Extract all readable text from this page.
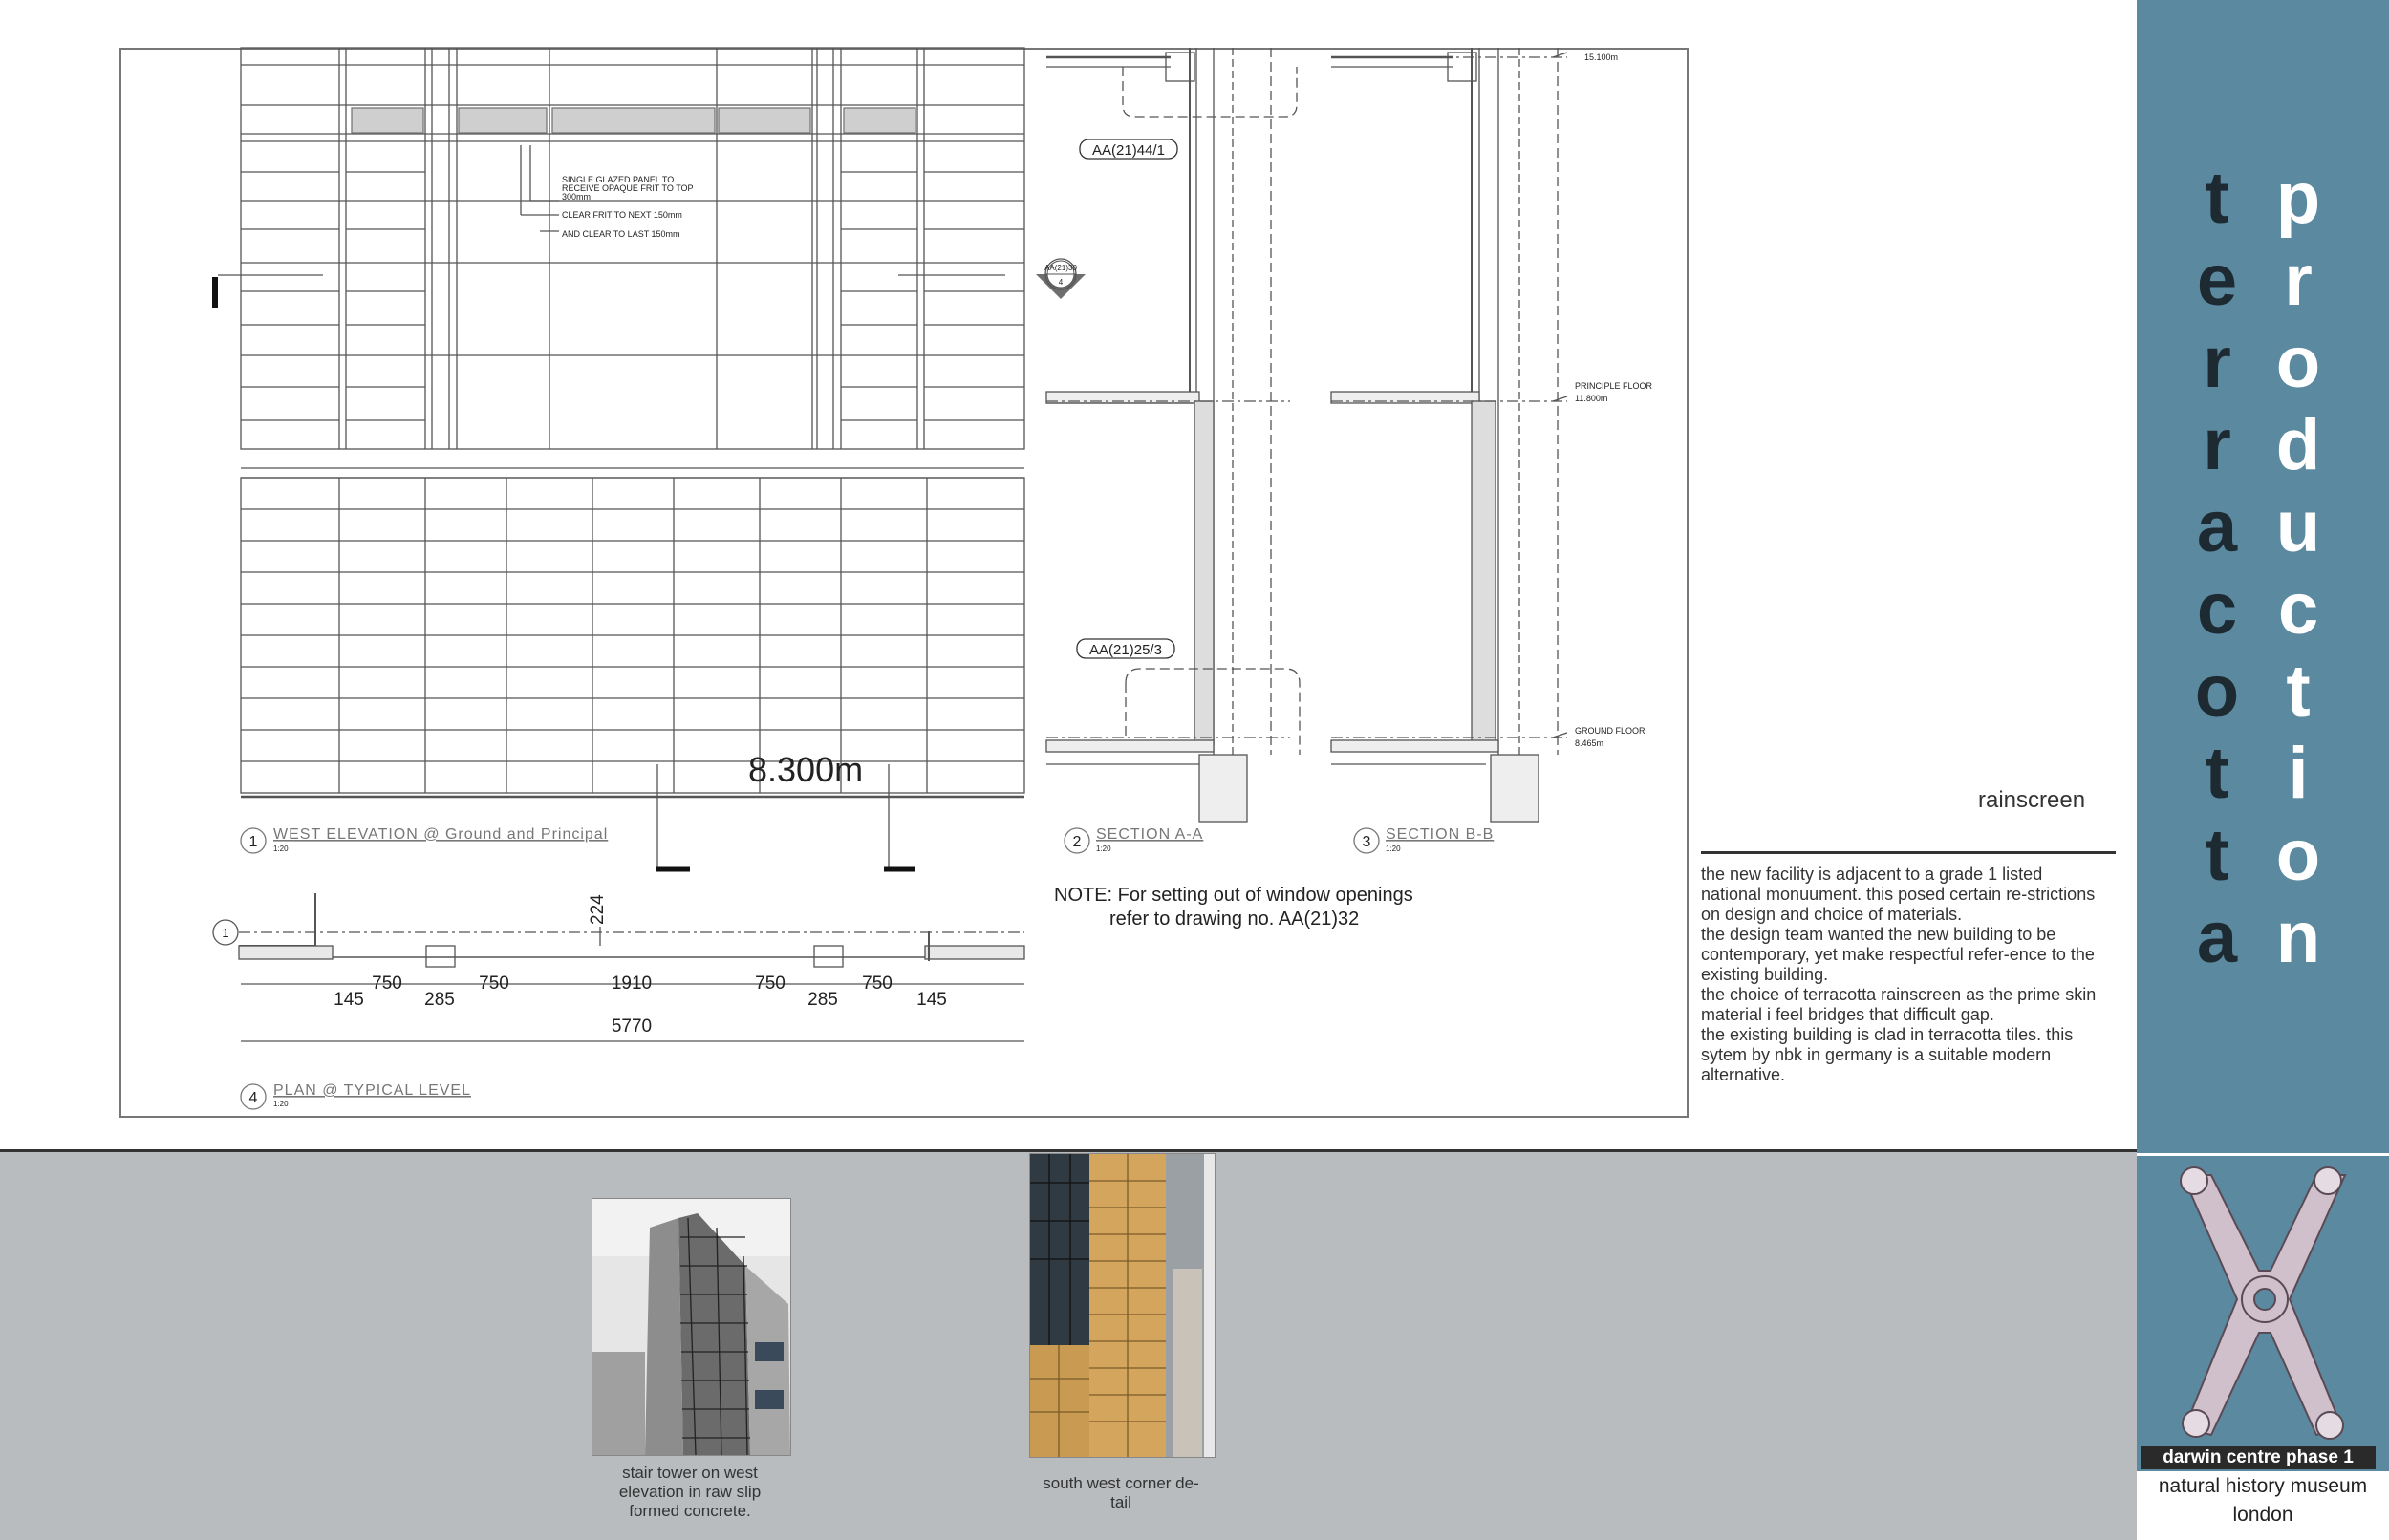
SINGLE GLAZED PANEL TO
RECEIVE OPAQUE FRIT TO TOP
300mm
CLEAR FRIT TO NEXT 150mm
AND CLEAR TO LAST 150mm
8.300m
AA(21)30
4
1 WEST ELEVATION @ Ground and Principal
1:20
AA(21)44/1
AA(21)25/3
2 SECTION A-A
1:20
15.100m
PRINCIPLE FLOOR
11.800m
GROUND FLOOR
8.465m
3 SECTION B-B
1:20
NOTE: For setting out of window openings
refer to drawing no. AA(21)32
1
224
750	750	1910	750	750
145	285	285	145
5770
4 PLAN @ TYPICAL LEVEL
1:20
rainscreen

the new facility is adjacent to a grade 1 listed national monuument. this posed certain re-strictions on design and choice of materials.

the design team wanted the new building to be contemporary, yet make respectful refer-ence to the existing building.

the choice of terracotta rainscreen as the prime skin material i feel bridges that difficult gap.

the existing building is clad in terracotta tiles. this sytem by nbk in germany is a suitable modern alternative.

t
e
r
r
a
c
o
t
t
a
p
r
o
d
u
c
t
i
o
n
stair tower on west
elevation in raw slip
formed concrete.
south west corner de-
tail
darwin centre phase 1
natural history museum
london
